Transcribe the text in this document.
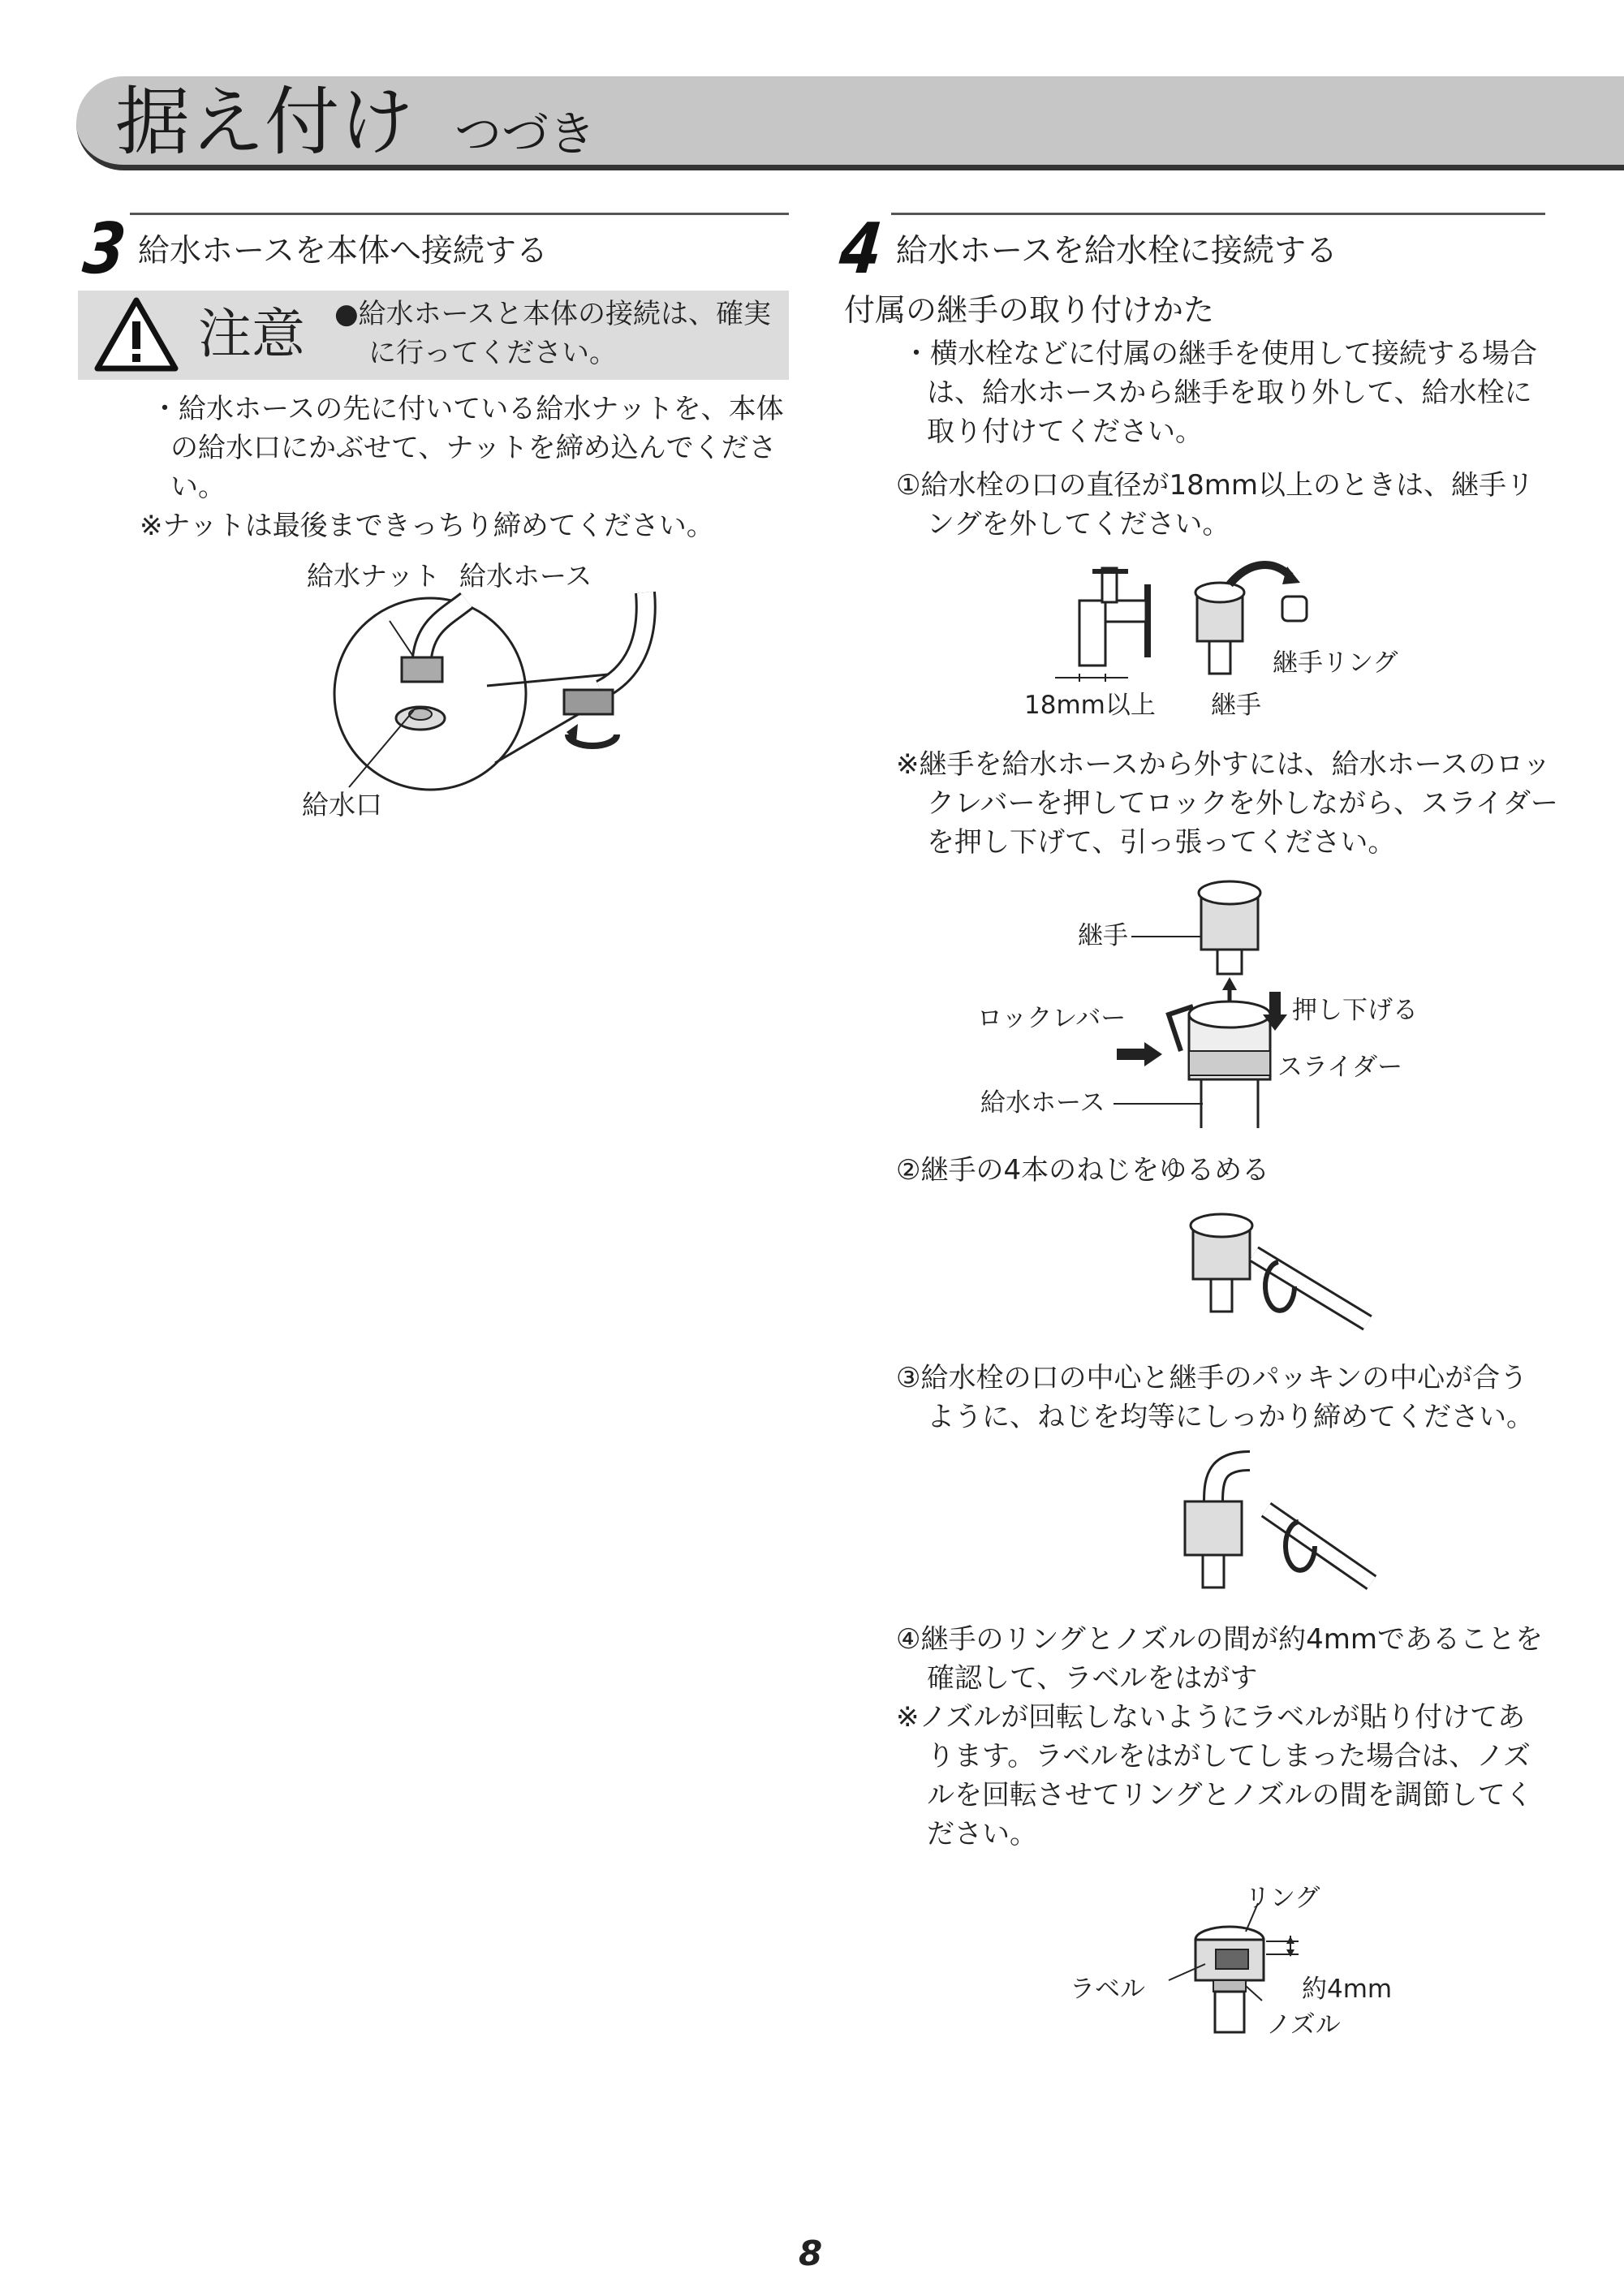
据え付け つづき
3 給水ホースを本体へ接続する
注意 ●給水ホースと本体の接続は、確実
に行ってください。
・給水ホースの先に付いている給水ナットを、本体
の給水口にかぶせて、ナットを締め込んでくださ
い。
※ナットは最後まできっちり締めてください。
給水ナット 給水ホース
給水口
4 給水ホースを給水栓に接続する
付属の継手の取り付けかた
・横水栓などに付属の継手を使用して接続する場合
は、給水ホースから継手を取り外して、給水栓に
取り付けてください。
①給水栓の口の直径が18mm以上のときは、継手リ
ングを外してください。
継手リング
18mm以上 継手
※継手を給水ホースから外すには、給水ホースのロッ
クレバーを押してロックを外しながら、スライダー
を押し下げて、引っ張ってください。
継手
押し下げる
ロックレバー
スライダー
給水ホース
②継手の4本のねじをゆるめる
③給水栓の口の中心と継手のパッキンの中心が合う
ように、ねじを均等にしっかり締めてください。
④継手のリングとノズルの間が約4mmであることを
確認して、ラベルをはがす
※ノズルが回転しないようにラベルが貼り付けてあ
ります。ラベルをはがしてしまった場合は、ノズ
ルを回転させてリングとノズルの間を調節してく
ださい。
リング
ラベル	約4mm
ノズル
8
